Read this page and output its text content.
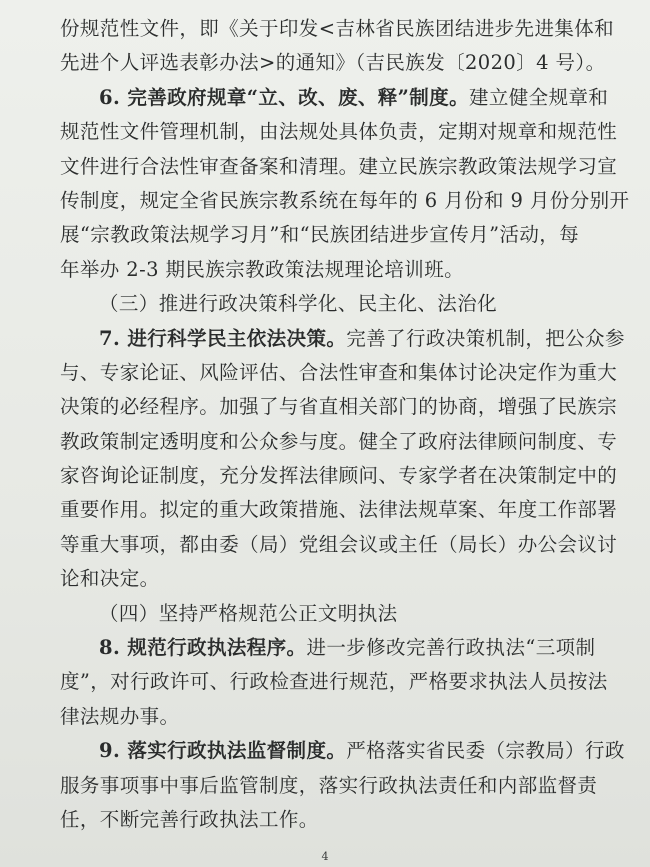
份规范性文件，即《关于印发<吉林省民族团结进步先进集体和
先进个人评选表彰办法>的通知》（吉民族发〔2020〕4 号）。
6. 完善政府规章“立、改、废、释”制度。建立健全规章和
规范性文件管理机制，由法规处具体负责，定期对规章和规范性
文件进行合法性审查备案和清理。建立民族宗教政策法规学习宣
传制度，规定全省民族宗教系统在每年的 6 月份和 9 月份分别开
展“宗教政策法规学习月”和“民族团结进步宣传月”活动，每
年举办 2-3 期民族宗教政策法规理论培训班。
（三）推进行政决策科学化、民主化、法治化
7. 进行科学民主依法决策。完善了行政决策机制，把公众参
与、专家论证、风险评估、合法性审查和集体讨论决定作为重大
决策的必经程序。加强了与省直相关部门的协商，增强了民族宗
教政策制定透明度和公众参与度。健全了政府法律顾问制度、专
家咨询论证制度，充分发挥法律顾问、专家学者在决策制定中的
重要作用。拟定的重大政策措施、法律法规草案、年度工作部署
等重大事项，都由委（局）党组会议或主任（局长）办公会议讨
论和决定。
（四）坚持严格规范公正文明执法
8. 规范行政执法程序。进一步修改完善行政执法“三项制
度”，对行政许可、行政检查进行规范，严格要求执法人员按法
律法规办事。
9. 落实行政执法监督制度。严格落实省民委（宗教局）行政
服务事项事中事后监管制度，落实行政执法责任和内部监督责
任，不断完善行政执法工作。
4
